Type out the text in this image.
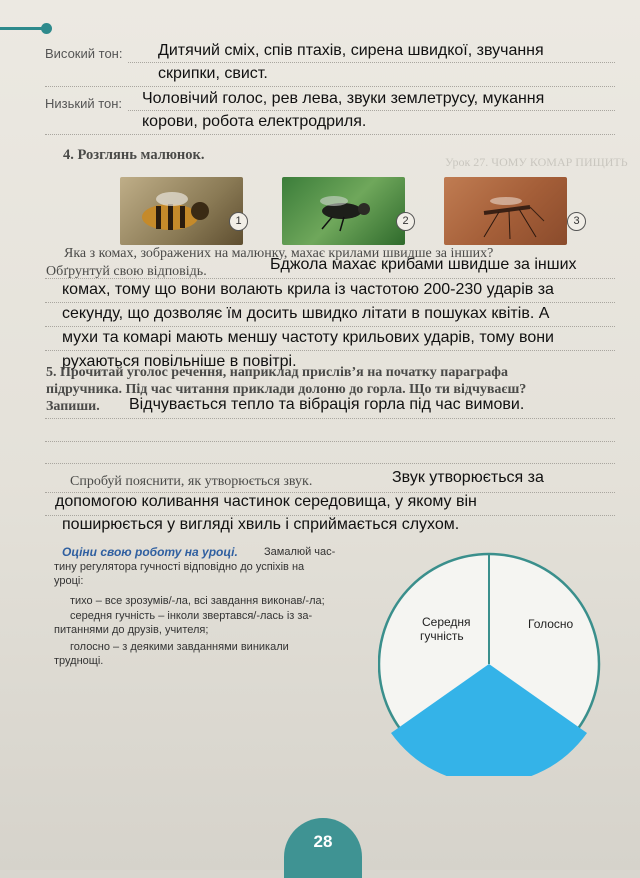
Урок 27. ЧОМУ КОМАР ПИЩИТЬ
Високий тон: Дитячий сміх, спів птахів, сирена швидкої, звучання
скрипки, свист.
Низький тон: Чоловічий голос, рев лева, звуки землетрусу, мукання
корови, робота електродриля.
4. Розглянь малюнок.
1	2	3
Яка з комах, зображених на малюнку, махає крилами швидше за інших?
Обґрунтуй свою відповідь.	Бджола махає крибами швидше за інших
комах, тому що вони волають крила із частотою 200-230 ударів за
секунду, що дозволяє їм досить швидко літати в пошуках квітів. А
мухи та комарі мають меншу частоту крильових ударів, тому вони
рухаються повільніше в повітрі.
5. Прочитай уголос речення, наприклад прислів’я на початку параграфа
підручника. Під час читання приклади долоню до горла. Що ти відчуваєш?
Запиши. Відчувається тепло та вібрація горла під час вимови.
Спробуй пояснити, як утворюється звук.	Звук утворюється за
допомогою коливання частинок середовища, у якому він
поширюється у вигляді хвиль і сприймається слухом.
Оціни свою роботу на уроці. Замалюй час-
тину регулятора гучності відповідно до успіхів на
уроці:
тихо – все зрозумів/-ла, всі завдання виконав/-ла;
середня гучність – інколи звертався/-лась із за-
питаннями до друзів, учителя;
голосно – з деякими завданнями виникали
труднощі.
Середня
гучність
Голосно
28
